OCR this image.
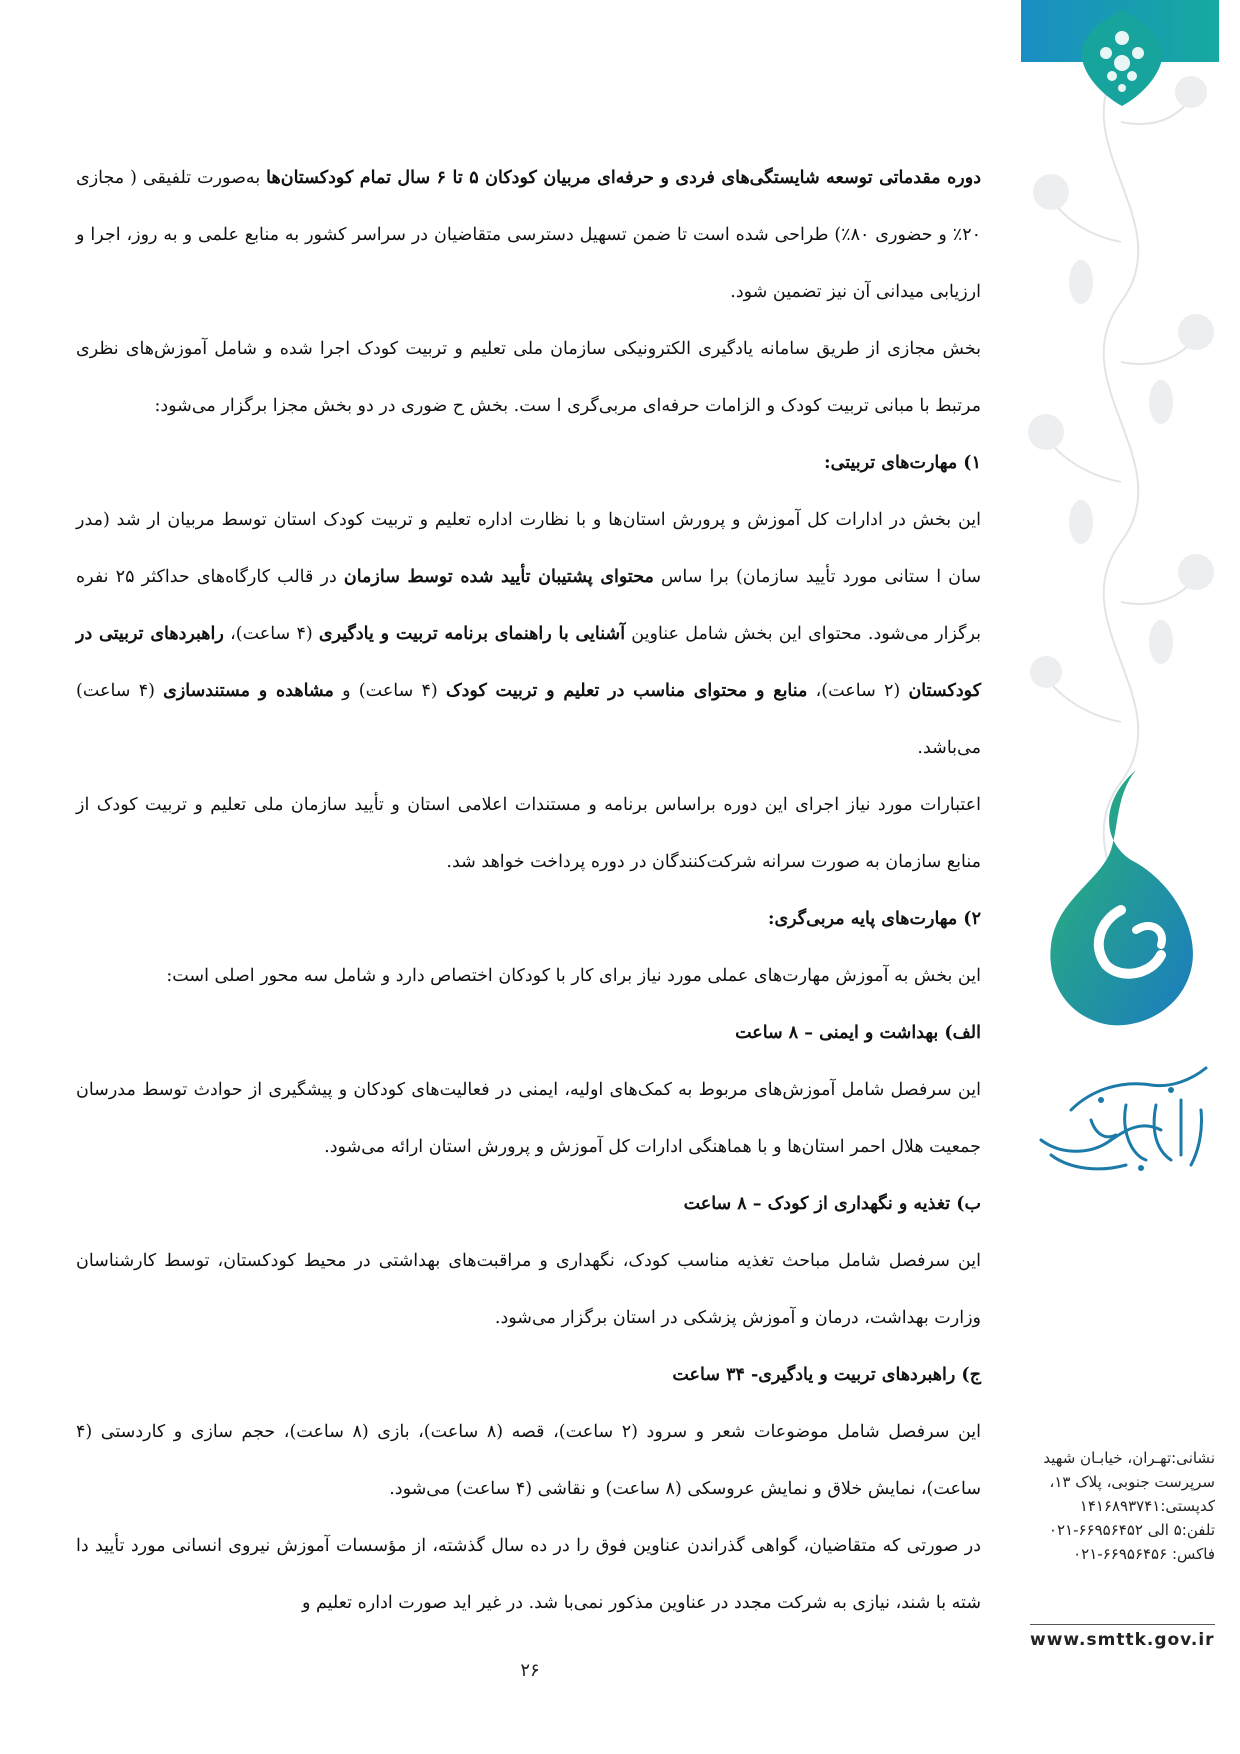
دوره مقدماتی توسعه شایستگی‌های فردی و حرفه‌ای مربیان کودکان ۵ تا ۶ سال تمام کودکستان‌ها به‌صورت تلفیقی ( مجازی ۲۰٪ و حضوری ۸۰٪) طراحی شده است تا ضمن تسهیل دسترسی متقاضیان در سراسر کشور به منابع علمی و به روز، اجرا و ارزیابی میدانی آن نیز تضمین شود.

بخش مجازی از طریق سامانه یادگیری الکترونیکی سازمان ملی تعلیم و تربیت کودک اجرا شده و شامل آموزش‌های نظری مرتبط با مبانی تربیت کودک و الزامات حرفه‌ای مربی‌گری ا ست. بخش ح ضوری در دو بخش مجزا برگزار می‌شود:

۱) مهارت‌های تربیتی:

این بخش در ادارات کل آموزش و پرورش استان‌ها و با نظارت اداره تعلیم و تربیت کودک استان توسط مربیان ار شد (مدر سان ا ستانی مورد تأیید سازمان) برا ساس محتوای پشتیبان تأیید شده توسط سازمان در قالب کارگاه‌های حداکثر ۲۵ نفره برگزار می‌شود. محتوای این بخش شامل عناوین آشنایی با راهنمای برنامه تربیت و یادگیری (۴ ساعت)، راهبردهای تربیتی در کودکستان (۲ ساعت)، منابع و محتوای مناسب در تعلیم و تربیت کودک (۴ ساعت) و مشاهده و مستندسازی (۴ ساعت) می‌باشد.

اعتبارات مورد نیاز اجرای این دوره براساس برنامه و مستندات اعلامی استان و تأیید سازمان ملی تعلیم و تربیت کودک از منابع سازمان به صورت سرانه شرکت‌کنندگان در دوره پرداخت خواهد شد.

۲) مهارت‌های پایه مربی‌گری:

این بخش به آموزش مهارت‌های عملی مورد نیاز برای کار با کودکان اختصاص دارد و شامل سه محور اصلی است:

الف) بهداشت و ایمنی – ۸ ساعت

این سرفصل شامل آموزش‌های مربوط به کمک‌های اولیه، ایمنی در فعالیت‌های کودکان و پیشگیری از حوادث توسط مدرسان جمعیت هلال احمر استان‌ها و با هماهنگی ادارات کل آموزش و پرورش استان ارائه می‌شود.

ب) تغذیه و نگهداری از کودک – ۸ ساعت

این سرفصل شامل مباحث تغذیه مناسب کودک، نگهداری و مراقبت‌های بهداشتی در محیط کودکستان، توسط کارشناسان وزارت بهداشت، درمان و آموزش پزشکی در استان برگزار می‌شود.

ج) راهبردهای تربیت و یادگیری- ۳۴ ساعت

این سرفصل شامل موضوعات شعر و سرود (۲ ساعت)، قصه (۸ ساعت)، بازی (۸ ساعت)، حجم سازی و کاردستی (۴ ساعت)، نمایش خلاق و نمایش عروسکی (۸ ساعت) و نقاشی (۴ ساعت) می‌شود.

در صورتی که متقاضیان، گواهی گذراندن عناوین فوق را در ده سال گذشته، از مؤسسات آموزش نیروی انسانی مورد تأیید دا شته با شند، نیازی به شرکت مجدد در عناوین مذکور نمی‌با شد. در غیر اید صورت اداره تعلیم و

۲۶
نشانی:تهـران، خیابـان شهید
سرپرست جنوبی، پلاک ۱۳،
کدپستی:۱۴۱۶۸۹۳۷۴۱
تلفن:۵ الی ۶۶۹۵۶۴۵۲-۰۲۱
فاکس: ۶۶۹۵۶۴۵۶-۰۲۱
www.smttk.gov.ir
